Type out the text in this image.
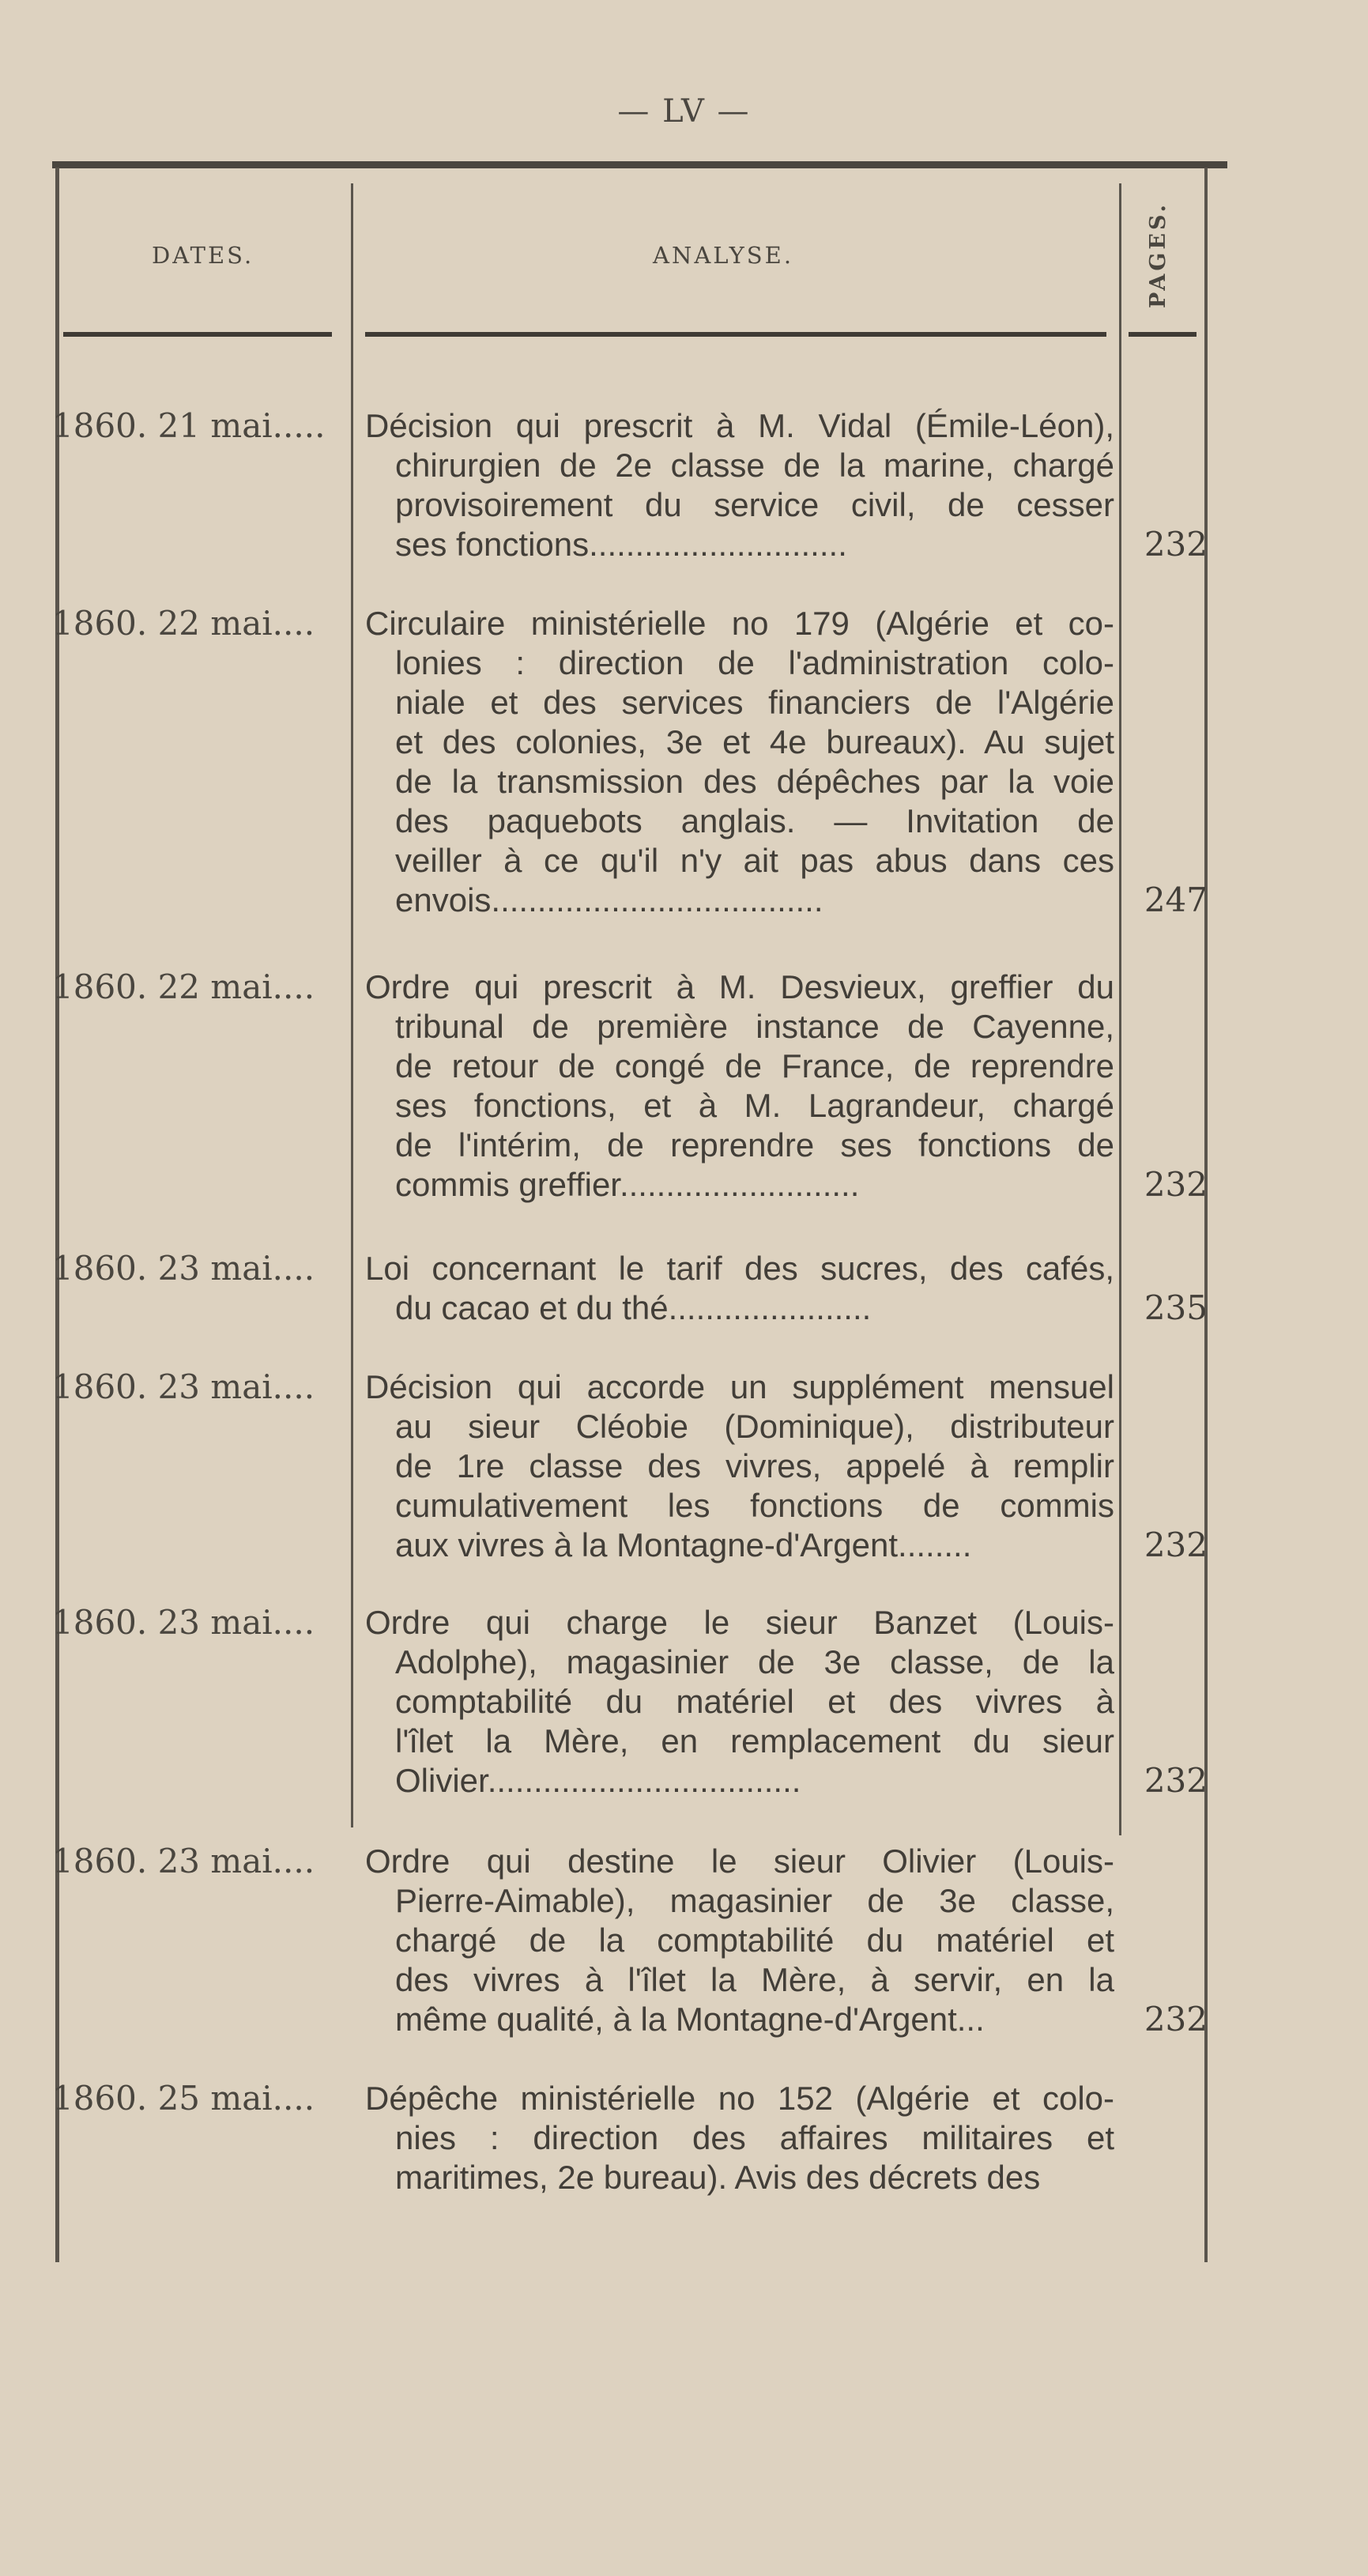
— LV —
DATES.	ANALYSE.	PAGES.
1860. 21 mai.....	Décision qui prescrit à M. Vidal (Émile-Léon),
chirurgien de 2e classe de la marine, chargé
provisoirement du service civil, de cesser
ses fonctions............................	232
1860. 22 mai....	Circulaire ministérielle no 179 (Algérie et co-
lonies : direction de l'administration colo-
niale et des services financiers de l'Algérie
et des colonies, 3e et 4e bureaux). Au sujet
de la transmission des dépêches par la voie
des paquebots anglais. — Invitation de
veiller à ce qu'il n'y ait pas abus dans ces
envois....................................	247
1860. 22 mai....	Ordre qui prescrit à M. Desvieux, greffier du
tribunal de première instance de Cayenne,
de retour de congé de France, de reprendre
ses fonctions, et à M. Lagrandeur, chargé
de l'intérim, de reprendre ses fonctions de
commis greffier..........................	232
1860. 23 mai....	Loi concernant le tarif des sucres, des cafés,
du cacao et du thé......................	235
1860. 23 mai....	Décision qui accorde un supplément mensuel
au sieur Cléobie (Dominique), distributeur
de 1re classe des vivres, appelé à remplir
cumulativement les fonctions de commis
aux vivres à la Montagne-d'Argent........	232
1860. 23 mai....	Ordre qui charge le sieur Banzet (Louis-
Adolphe), magasinier de 3e classe, de la
comptabilité du matériel et des vivres à
l'îlet la Mère, en remplacement du sieur
Olivier..................................	232
1860. 23 mai....	Ordre qui destine le sieur Olivier (Louis-
Pierre-Aimable), magasinier de 3e classe,
chargé de la comptabilité du matériel et
des vivres à l'îlet la Mère, à servir, en la
même qualité, à la Montagne-d'Argent...	232
1860. 25 mai....	Dépêche ministérielle no 152 (Algérie et colo-
nies : direction des affaires militaires et
maritimes, 2e bureau). Avis des décrets des
